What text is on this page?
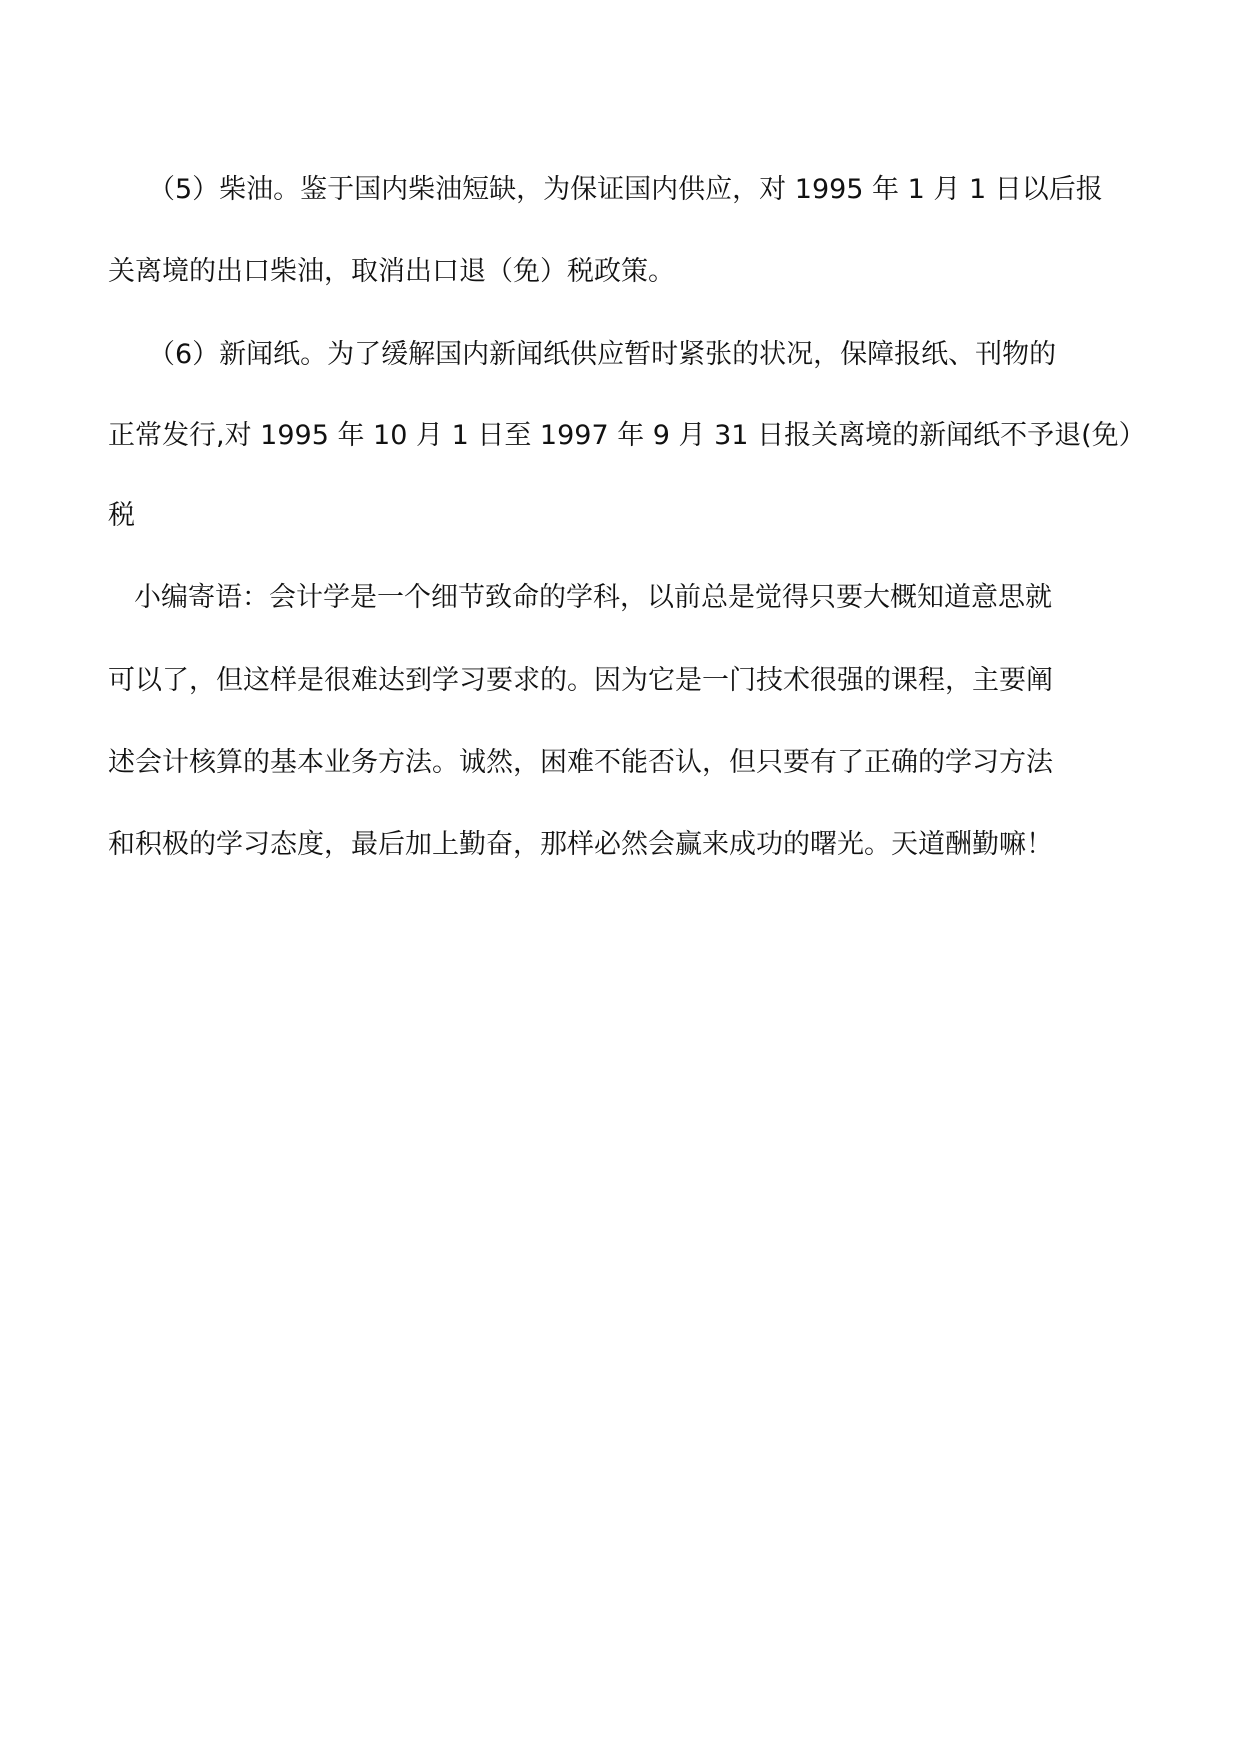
（5）柴油。鉴于国内柴油短缺，为保证国内供应，对 1995 年 1 月 1 日以后报
关离境的出口柴油，取消出口退（免）税政策。
（6）新闻纸。为了缓解国内新闻纸供应暂时紧张的状况，保障报纸、刊物的
正常发行,对 1995 年 10 月 1 日至 1997 年 9 月 31 日报关离境的新闻纸不予退(免）
税
小编寄语：会计学是一个细节致命的学科，以前总是觉得只要大概知道意思就
可以了，但这样是很难达到学习要求的。因为它是一门技术很强的课程，主要阐
述会计核算的基本业务方法。诚然，困难不能否认，但只要有了正确的学习方法
和积极的学习态度，最后加上勤奋，那样必然会赢来成功的曙光。天道酬勤嘛！
